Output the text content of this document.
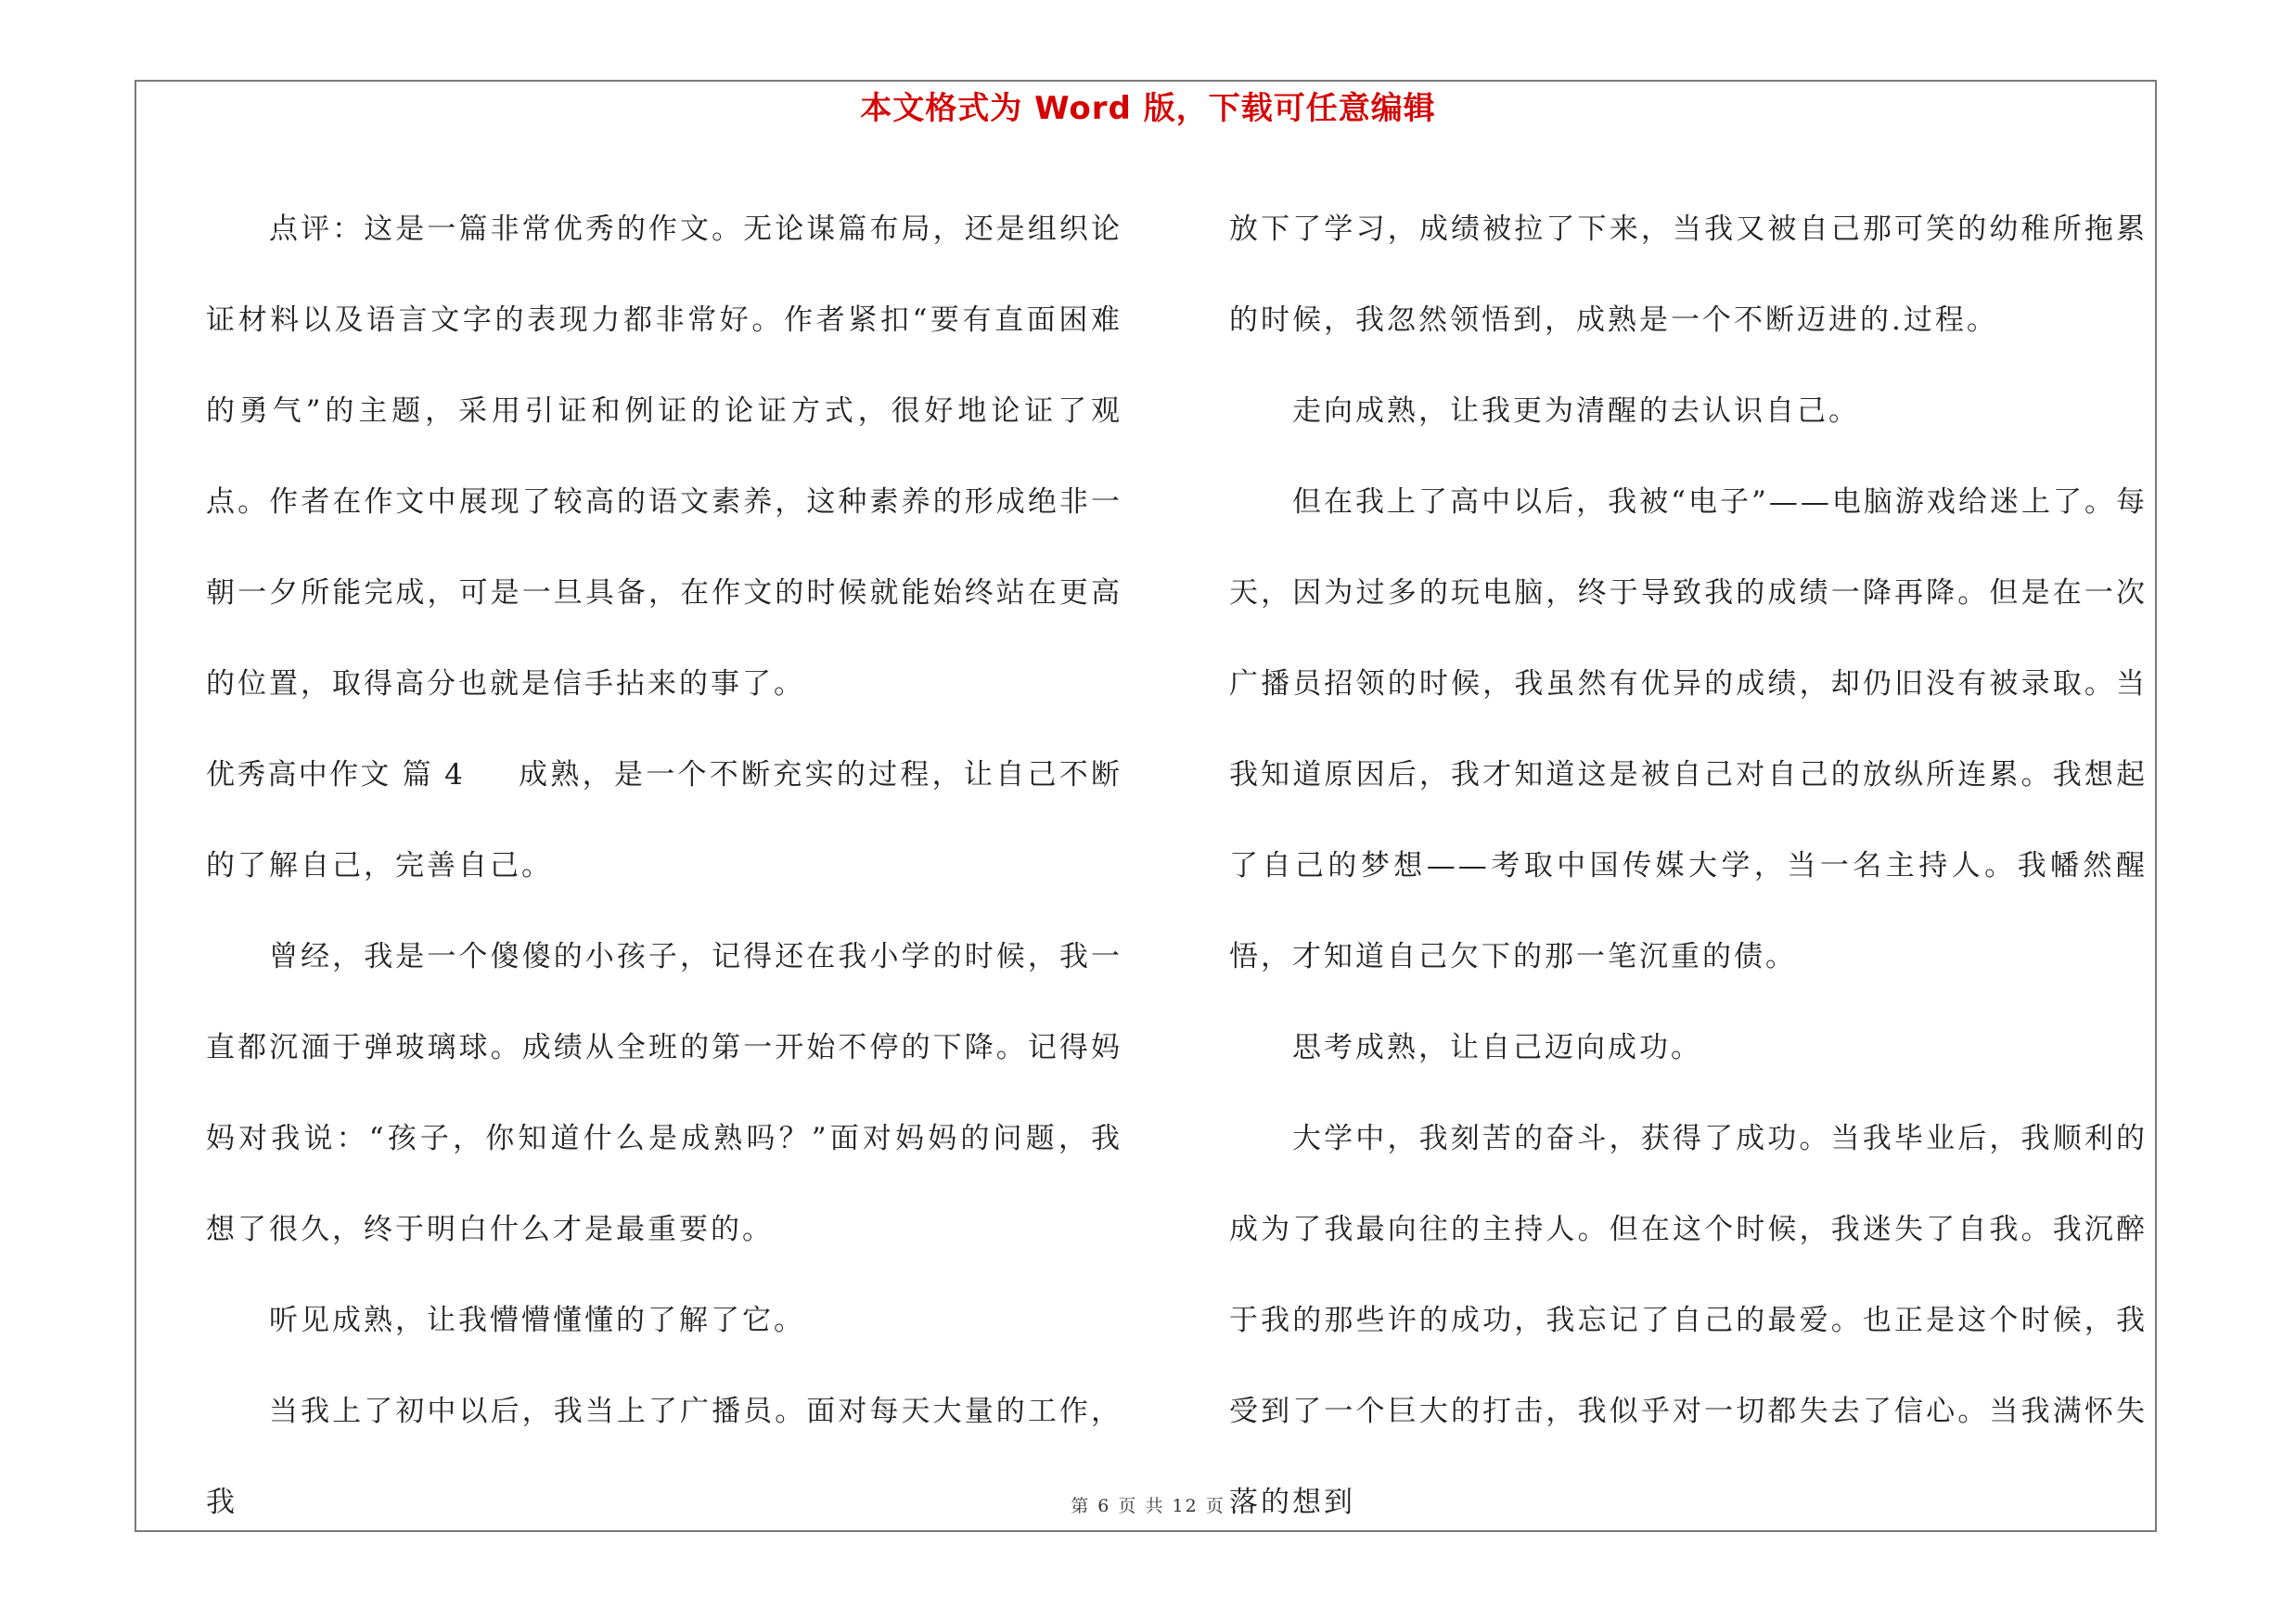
本文格式为 Word 版，下载可任意编辑

点评：这是一篇非常优秀的作文。无论谋篇布局，还是组织论证材料以及语言文字的表现力都非常好。作者紧扣“要有直面困难的勇气”的主题，采用引证和例证的论证方式，很好地论证了观点。作者在作文中展现了较高的语文素养，这种素养的形成绝非一朝一夕所能完成，可是一旦具备，在作文的时候就能始终站在更高的位置，取得高分也就是信手拈来的事了。

优秀高中作文 篇 4 成熟，是一个不断充实的过程，让自己不断的了解自己，完善自己。

曾经，我是一个傻傻的小孩子，记得还在我小学的时候，我一直都沉湎于弹玻璃球。成绩从全班的第一开始不停的下降。记得妈妈对我说：“孩子，你知道什么是成熟吗？”面对妈妈的问题，我想了很久，终于明白什么才是最重要的。

听见成熟，让我懵懵懂懂的了解了它。

当我上了初中以后，我当上了广播员。面对每天大量的工作，我

放下了学习，成绩被拉了下来，当我又被自己那可笑的幼稚所拖累的时候，我忽然领悟到，成熟是一个不断迈进的.过程。

走向成熟，让我更为清醒的去认识自己。

但在我上了高中以后，我被“电子”——电脑游戏给迷上了。每天，因为过多的玩电脑，终于导致我的成绩一降再降。但是在一次广播员招领的时候，我虽然有优异的成绩，却仍旧没有被录取。当我知道原因后，我才知道这是被自己对自己的放纵所连累。我想起了自己的梦想——考取中国传媒大学，当一名主持人。我幡然醒悟，才知道自己欠下的那一笔沉重的债。

思考成熟，让自己迈向成功。

大学中，我刻苦的奋斗，获得了成功。当我毕业后，我顺利的成为了我最向往的主持人。但在这个时候，我迷失了自我。我沉醉于我的那些许的成功，我忘记了自己的最爱。也正是这个时候，我受到了一个巨大的打击，我似乎对一切都失去了信心。当我满怀失落的想到

第 6 页 共 12 页
